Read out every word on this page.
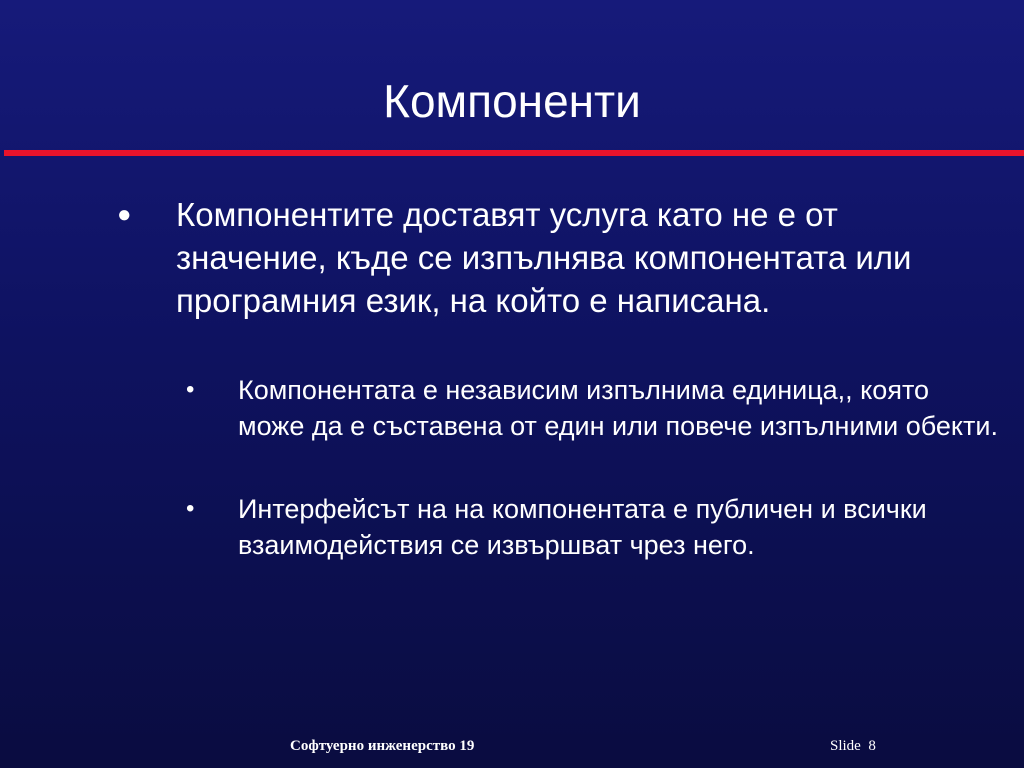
Компоненти
● Компонентите доставят услуга като не е от значение, къде се изпълнява компонентата или програмния език, на който е написана.
• Компонентата е независим изпълнима единица,, която може да е съставена от един или повече изпълними обекти.
• Интерфейсът на на компонентата е публичен и всички взаимодействия се извършват чрез него.
Софтуерно инженерство 19	Slide 8
